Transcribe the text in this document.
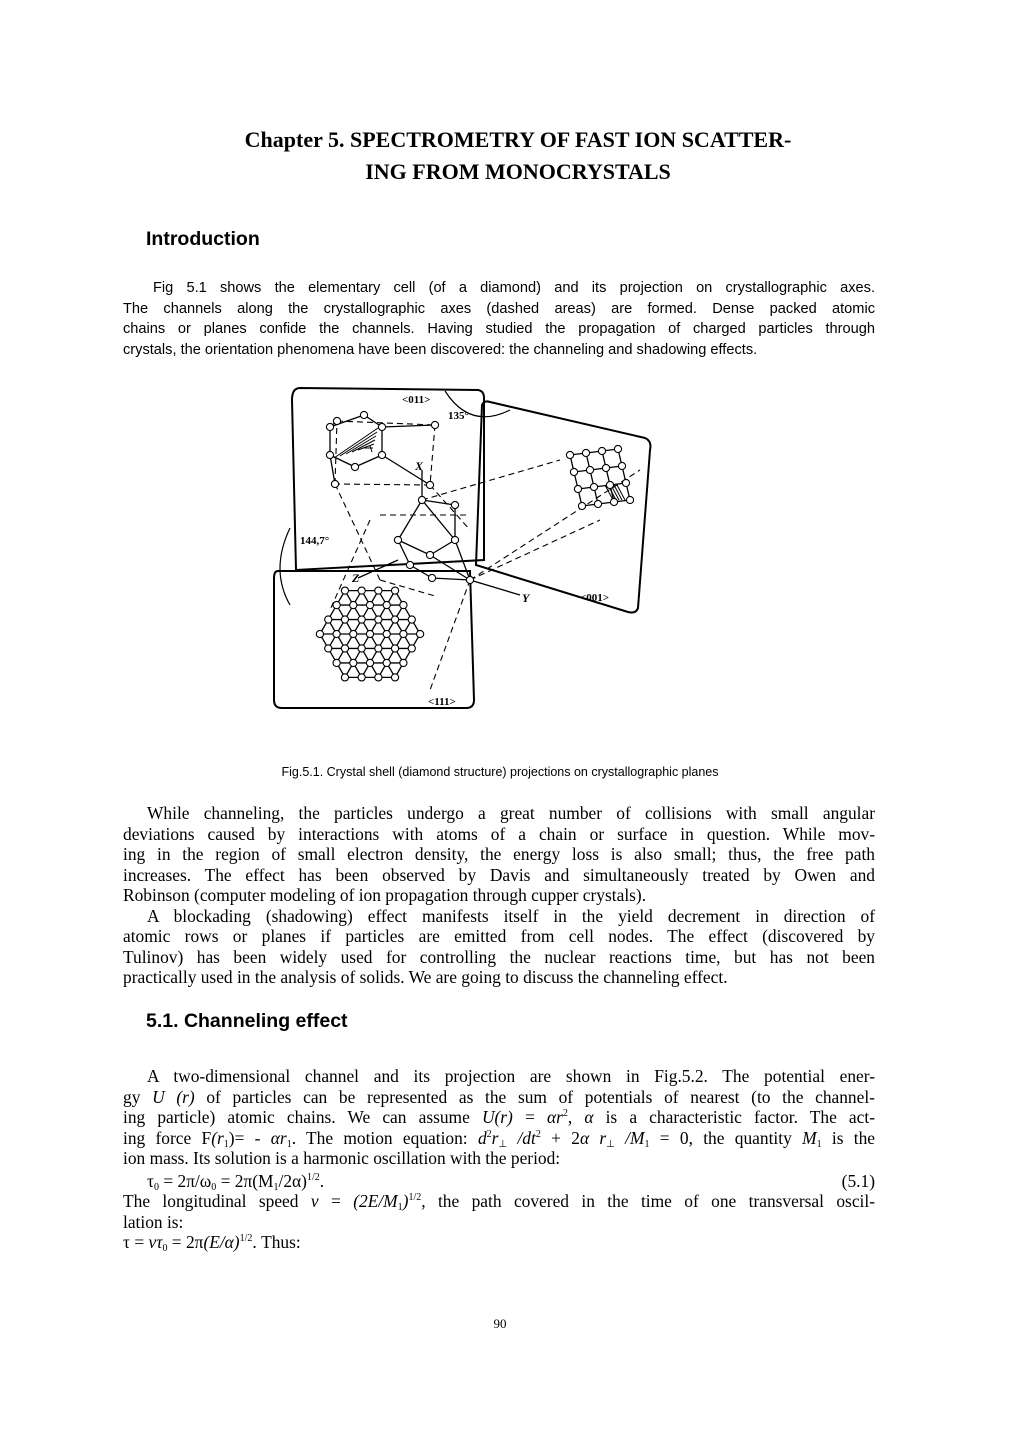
Chapter 5. SPECTROMETRY OF FAST ION SCATTER-
ING FROM MONOCRYSTALS
Introduction
Fig 5.1 shows the elementary cell (of a diamond) and its projection on crystallographic axes.
The channels along the crystallographic axes (dashed areas) are formed. Dense packed atomic
chains or planes confide the channels. Having studied the propagation of charged particles through
crystals, the orientation phenomena have been discovered: the channeling and shadowing effects.
<011>
135°
144,7°
<001>
<111>
X
Y
Z
Fig.5.1. Crystal shell (diamond structure) projections on crystallographic planes
While channeling, the particles undergo a great number of collisions with small angular
deviations caused by interactions with atoms of a chain or surface in question. While mov-
ing in the region of small electron density, the energy loss is also small; thus, the free path
increases. The effect has been observed by Davis and simultaneously treated by Owen and
Robinson (computer modeling of ion propagation through cupper crystals).
A blockading (shadowing) effect manifests itself in the yield decrement in direction of
atomic rows or planes if particles are emitted from cell nodes. The effect (discovered by
Tulinov) has been widely used for controlling the nuclear reactions time, but has not been
practically used in the analysis of solids. We are going to discuss the channeling effect.
5.1. Channeling effect
A two-dimensional channel and its projection are shown in Fig.5.2. The potential ener-
gy U (r) of particles can be represented as the sum of potentials of nearest (to the channel-
ing particle) atomic chains. We can assume $U(r) = \alpha r^2$, α is a characteristic factor. The act-
ing force $F(r_1)= - \alpha r_1$. The motion equation: $d^2r_\perp$ $/dt^2 + 2\alpha$ $r_\perp$ $/M_1 = 0$, the quantity $M_1$ is the
ion mass. Its solution is a harmonic oscillation with the period:
$\tau_0 = 2\pi/\omega_0 = 2\pi(M_1/2\alpha)^{1/2}$.	(5.1)
The longitudinal speed $v = (2E/M_1)^{1/2}$, the path covered in the time of one transversal oscil-
lation is:
$\tau = v\tau_0 = 2\pi(E/\alpha)^{1/2}$. Thus:
90
